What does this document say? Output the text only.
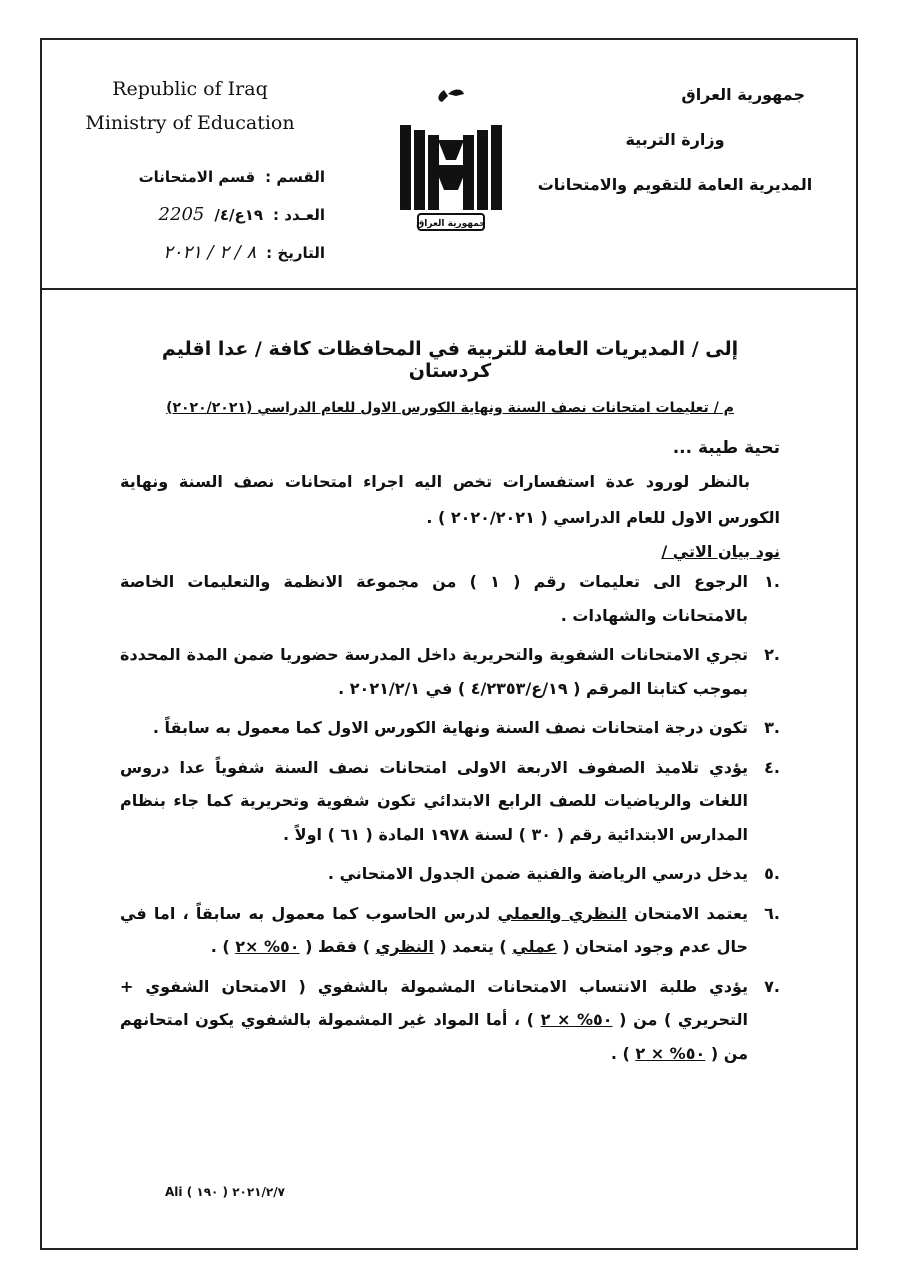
Republic of Iraq
Ministry of Education
جمهورية العراق
وزارة التربية
المديرية العامة للتقويم والامتحانات
جمهورية العراق
القسم :
قسم الامتحانات
العـدد :
١٩ع/٤/
2205
التاريخ :
٨ / ٢ / ٢٠٢١
إلى / المديريات العامة للتربية في المحافظات كافة / عدا اقليم كردستان
م / تعليمات امتحانات نصف السنة ونهاية الكورس الاول للعام الدراسي (٢٠٢٠/٢٠٢١)
تحية طيبة ...
بالنظر لورود عدة استفسارات تخص اليه اجراء امتحانات نصف السنة ونهاية الكورس الاول للعام الدراسي ( ٢٠٢٠/٢٠٢١ ) .
نود بيان الاتي /
.١
الرجوع الى تعليمات رقم ( ١ ) من مجموعة الانظمة والتعليمات الخاصة بالامتحانات والشهادات .
.٢
تجري الامتحانات الشفوية والتحريرية داخل المدرسة حضوريا ضمن المدة المحددة بموجب كتابنا المرقم ( ١٩/ع/٤/٢٣٥٣ ) في ٢٠٢١/٢/١ .
.٣
تكون درجة امتحانات نصف السنة ونهاية الكورس الاول كما معمول به سابقاً .
.٤
يؤدي تلاميذ الصفوف الاربعة الاولى امتحانات نصف السنة شفوياً عدا دروس اللغات والرياضيات للصف الرابع الابتدائي تكون شفوية وتحريرية كما جاء بنظام المدارس الابتدائية رقم ( ٣٠ ) لسنة ١٩٧٨ المادة ( ٦١ ) اولاً .
.٥
يدخل درسي الرياضة والفنية ضمن الجدول الامتحاني .
.٦
يعتمد الامتحان النظري والعملي لدرس الحاسوب كما معمول به سابقاً ، اما في حال عدم وجود امتحان ( عملي ) يتعمد ( النظري ) فقط ( ٥٠% ×٢ ) .
.٧
يؤدي طلبة الانتساب الامتحانات المشمولة بالشفوي ( الامتحان الشفوي + التحريري ) من ( ٥٠% × ٢ ) ، أما المواد غير المشمولة بالشفوي يكون امتحانهم من ( ٥٠% × ٢ ) .
Ali ٢٠٢١/٢/٧ ( ١٩٠ )
